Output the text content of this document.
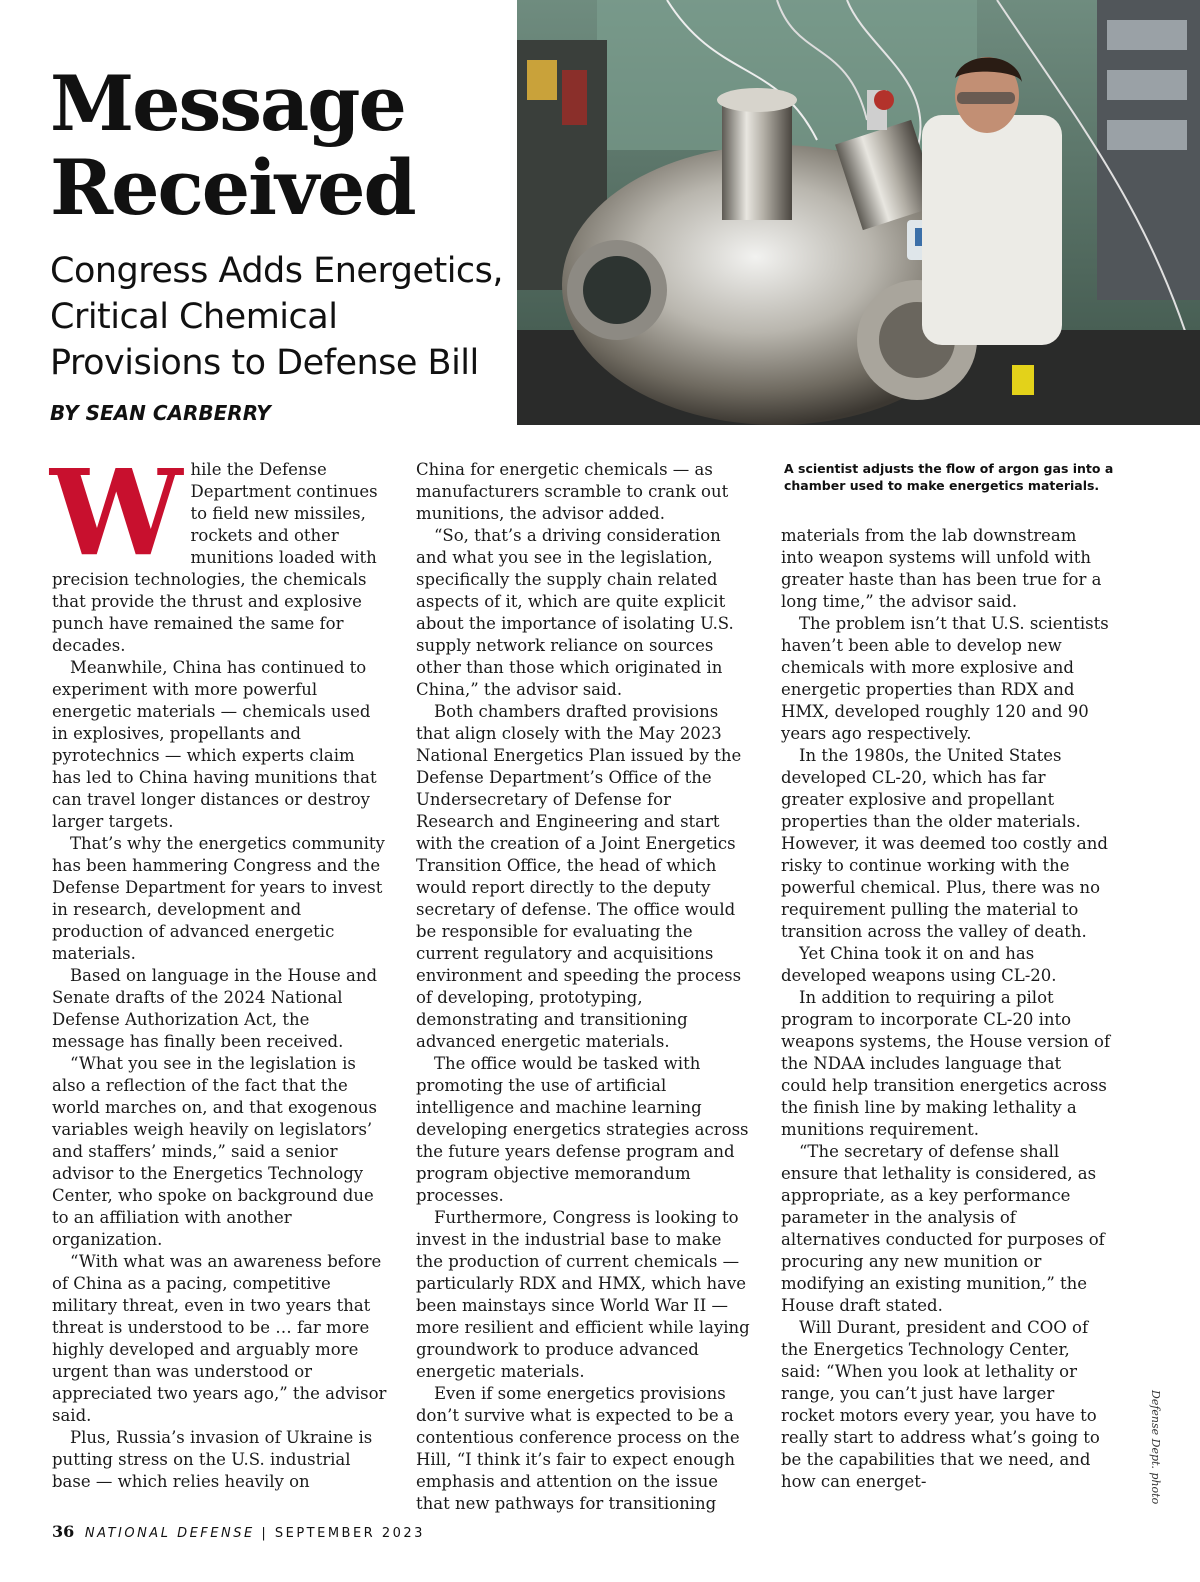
Message
Received
Congress Adds Energetics, Critical Chemical Provisions to Defense Bill BY SEAN CARBERRY
A scientist adjusts the flow of argon gas into a chamber used to make energetics materials.

While the Defense Department continues to field new missiles, rockets and other munitions loaded with precision technologies, the chemicals that provide the thrust and explosive punch have remained the same for decades.

Meanwhile, China has continued to experiment with more powerful energetic materials — chemicals used in explosives, propellants and pyrotechnics — which experts claim has led to China having munitions that can travel longer distances or destroy larger targets.

That’s why the energetics community has been hammering Congress and the Defense Department for years to invest in research, development and production of advanced energetic materials.

Based on language in the House and Senate drafts of the 2024 National Defense Authorization Act, the message has finally been received.

“What you see in the legislation is also a reflection of the fact that the world marches on, and that exogenous variables weigh heavily on legislators’ and staffers’ minds,” said a senior advisor to the Energetics Technology Center, who spoke on background due to an affiliation with another organization.

“With what was an awareness before of China as a pacing, competitive military threat, even in two years that threat is understood to be … far more highly developed and arguably more urgent than was understood or appreciated two years ago,” the advisor said.

Plus, Russia’s invasion of Ukraine is putting stress on the U.S. industrial base — which relies heavily on

China for energetic chemicals — as manufacturers scramble to crank out munitions, the advisor added.

“So, that’s a driving consideration and what you see in the legislation, specifically the supply chain related aspects of it, which are quite explicit about the importance of isolating U.S. supply network reliance on sources other than those which originated in China,” the advisor said.

Both chambers drafted provisions that align closely with the May 2023 National Energetics Plan issued by the Defense Department’s Office of the Undersecretary of Defense for Research and Engineering and start with the creation of a Joint Energetics Transition Office, the head of which would report directly to the deputy secretary of defense. The office would be responsible for evaluating the current regulatory and acquisitions environment and speeding the process of developing, prototyping, demonstrating and transitioning advanced energetic materials.

The office would be tasked with promoting the use of artificial intelligence and machine learning developing energetics strategies across the future years defense program and program objective memorandum processes.

Furthermore, Congress is looking to invest in the industrial base to make the production of current chemicals — particularly RDX and HMX, which have been mainstays since World War II — more resilient and efficient while laying groundwork to produce advanced energetic materials.

Even if some energetics provisions don’t survive what is expected to be a contentious conference process on the Hill, “I think it’s fair to expect enough emphasis and attention on the issue that new pathways for transitioning

materials from the lab downstream into weapon systems will unfold with greater haste than has been true for a long time,” the advisor said.

The problem isn’t that U.S. scientists haven’t been able to develop new chemicals with more explosive and energetic properties than RDX and HMX, developed roughly 120 and 90 years ago respectively.

In the 1980s, the United States developed CL-20, which has far greater explosive and propellant properties than the older materials. However, it was deemed too costly and risky to continue working with the powerful chemical. Plus, there was no requirement pulling the material to transition across the valley of death.

Yet China took it on and has developed weapons using CL-20.

In addition to requiring a pilot program to incorporate CL-20 into weapons systems, the House version of the NDAA includes language that could help transition energetics across the finish line by making lethality a munitions requirement.

“The secretary of defense shall ensure that lethality is considered, as appropriate, as a key performance parameter in the analysis of alternatives conducted for purposes of procuring any new munition or modifying an existing munition,” the House draft stated.

Will Durant, president and COO of the Energetics Technology Center, said: “When you look at lethality or range, you can’t just have larger rocket motors every year, you have to really start to address what’s going to be the capabilities that we need, and how can energet-	Defense Dept. photo
36 NATIONAL DEFENSE | SEPTEMBER 2023
